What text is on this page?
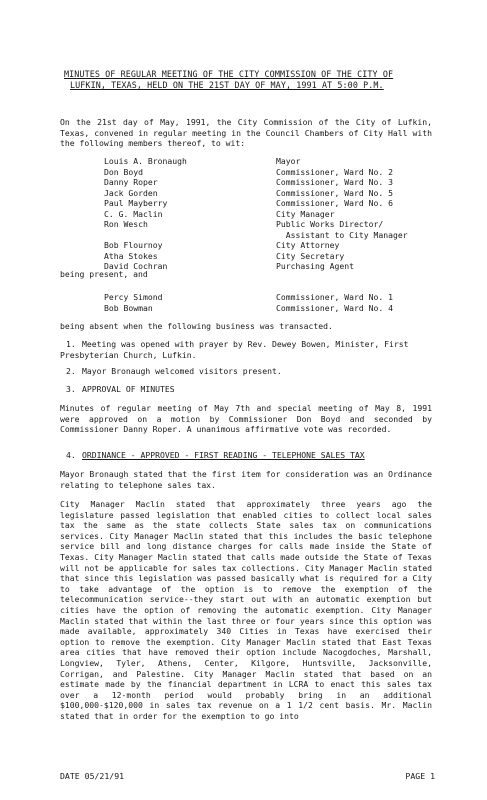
MINUTES OF REGULAR MEETING OF THE CITY COMMISSION OF THE CITY OF
LUFKIN, TEXAS, HELD ON THE 21ST DAY OF MAY, 1991 AT 5:00 P.M.
On the 21st day of May, 1991, the City Commission of the City of Lufkin, Texas, convened in regular meeting in the Council Chambers of City Hall with the following members thereof, to wit:
Louis A. Bronaugh	Mayor
Don Boyd	Commissioner, Ward No. 2
Danny Roper	Commissioner, Ward No. 3
Jack Gorden	Commissioner, Ward No. 5
Paul Mayberry	Commissioner, Ward No. 6
C. G. Maclin	City Manager
Ron Wesch	Public Works Director/
Assistant to City Manager
Bob Flournoy	City Attorney
Atha Stokes	City Secretary
David Cochran	Purchasing Agent
being present, and
Percy Simond	Commissioner, Ward No. 1
Bob Bowman	Commissioner, Ward No. 4
being absent when the following business was transacted.
1. Meeting was opened with prayer by Rev. Dewey Bowen, Minister, First Presbyterian Church, Lufkin.
2. Mayor Bronaugh welcomed visitors present.
3. APPROVAL OF MINUTES
Minutes of regular meeting of May 7th and special meeting of May 8, 1991 were approved on a motion by Commissioner Don Boyd and seconded by Commissioner Danny Roper. A unanimous affirmative vote was recorded.
4. ORDINANCE - APPROVED - FIRST READING - TELEPHONE SALES TAX
Mayor Bronaugh stated that the first item for consideration was an Ordinance relating to telephone sales tax.
City Manager Maclin stated that approximately three years ago the legislature passed legislation that enabled cities to collect local sales tax the same as the state collects State sales tax on communications services. City Manager Maclin stated that this includes the basic telephone service bill and long distance charges for calls made inside the State of Texas. City Manager Maclin stated that calls made outside the State of Texas will not be applicable for sales tax collections. City Manager Maclin stated that since this legislation was passed basically what is required for a City to take advantage of the option is to remove the exemption of the telecommunication service--they start out with an automatic exemption but cities have the option of removing the automatic exemption. City Manager Maclin stated that within the last three or four years since this option was made available, approximately 340 Cities in Texas have exercised their option to remove the exemption. City Manager Maclin stated that East Texas area cities that have removed their option include Nacogdoches, Marshall, Longview, Tyler, Athens, Center, Kilgore, Huntsville, Jacksonville, Corrigan, and Palestine. City Manager Maclin stated that based on an estimate made by the financial department in LCRA to enact this sales tax over a 12-month period would probably bring in an additional $100,000-$120,000 in sales tax revenue on a 1 1/2 cent basis. Mr. Maclin stated that in order for the exemption to go into
DATE 05/21/91	PAGE 1
